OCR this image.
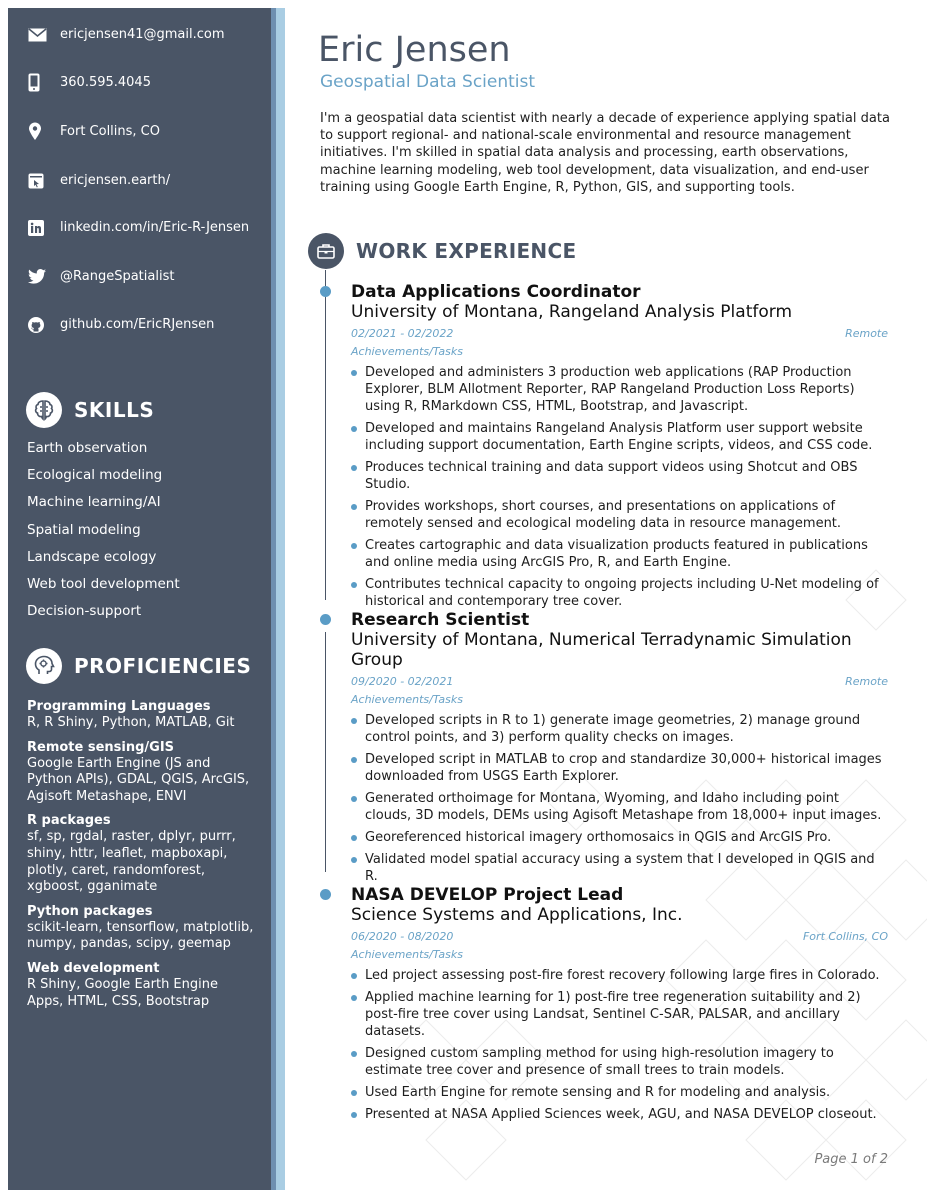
ericjensen41@gmail.com
360.595.4045
Fort Collins, CO
ericjensen.earth/
linkedin.com/in/Eric-R-Jensen
@RangeSpatialist
github.com/EricRJensen
SKILLS
Earth observation
Ecological modeling
Machine learning/AI
Spatial modeling
Landscape ecology
Web tool development
Decision-support
PROFICIENCIES
Programming Languages
R, R Shiny, Python, MATLAB, Git
Remote sensing/GIS
Google Earth Engine (JS and Python APIs), GDAL, QGIS, ArcGIS, Agisoft Metashape, ENVI
R packages
sf, sp, rgdal, raster, dplyr, purrr, shiny, httr, leaflet, mapboxapi, plotly, caret, randomforest, xgboost, gganimate
Python packages
scikit-learn, tensorflow, matplotlib, numpy, pandas, scipy, geemap
Web development
R Shiny, Google Earth Engine Apps, HTML, CSS, Bootstrap
Eric Jensen
Geospatial Data Scientist
I'm a geospatial data scientist with nearly a decade of experience applying spatial data to support regional- and national-scale environmental and resource management initiatives. I'm skilled in spatial data analysis and processing, earth observations, machine learning modeling, web tool development, data visualization, and end-user training using Google Earth Engine, R, Python, GIS, and supporting tools.
WORK EXPERIENCE
Data Applications Coordinator
University of Montana, Rangeland Analysis Platform
02/2021 - 02/2022	Remote
Achievements/Tasks
Developed and administers 3 production web applications (RAP Production Explorer, BLM Allotment Reporter, RAP Rangeland Production Loss Reports) using R, RMarkdown CSS, HTML, Bootstrap, and Javascript.
Developed and maintains Rangeland Analysis Platform user support website including support documentation, Earth Engine scripts, videos, and CSS code.
Produces technical training and data support videos using Shotcut and OBS Studio.
Provides workshops, short courses, and presentations on applications of remotely sensed and ecological modeling data in resource management.
Creates cartographic and data visualization products featured in publications and online media using ArcGIS Pro, R, and Earth Engine.
Contributes technical capacity to ongoing projects including U-Net modeling of historical and contemporary tree cover.
Research Scientist
University of Montana, Numerical Terradynamic Simulation Group
09/2020 - 02/2021	Remote
Achievements/Tasks
Developed scripts in R to 1) generate image geometries, 2) manage ground control points, and 3) perform quality checks on images.
Developed script in MATLAB to crop and standardize 30,000+ historical images downloaded from USGS Earth Explorer.
Generated orthoimage for Montana, Wyoming, and Idaho including point clouds, 3D models, DEMs using Agisoft Metashape from 18,000+ input images.
Georeferenced historical imagery orthomosaics in QGIS and ArcGIS Pro.
Validated model spatial accuracy using a system that I developed in QGIS and R.
NASA DEVELOP Project Lead
Science Systems and Applications, Inc.
06/2020 - 08/2020	Fort Collins, CO
Achievements/Tasks
Led project assessing post-fire forest recovery following large fires in Colorado.
Applied machine learning for 1) post-fire tree regeneration suitability and 2) post-fire tree cover using Landsat, Sentinel C-SAR, PALSAR, and ancillary datasets.
Designed custom sampling method for using high-resolution imagery to estimate tree cover and presence of small trees to train models.
Used Earth Engine for remote sensing and R for modeling and analysis.
Presented at NASA Applied Sciences week, AGU, and NASA DEVELOP closeout.
Page 1 of 2
